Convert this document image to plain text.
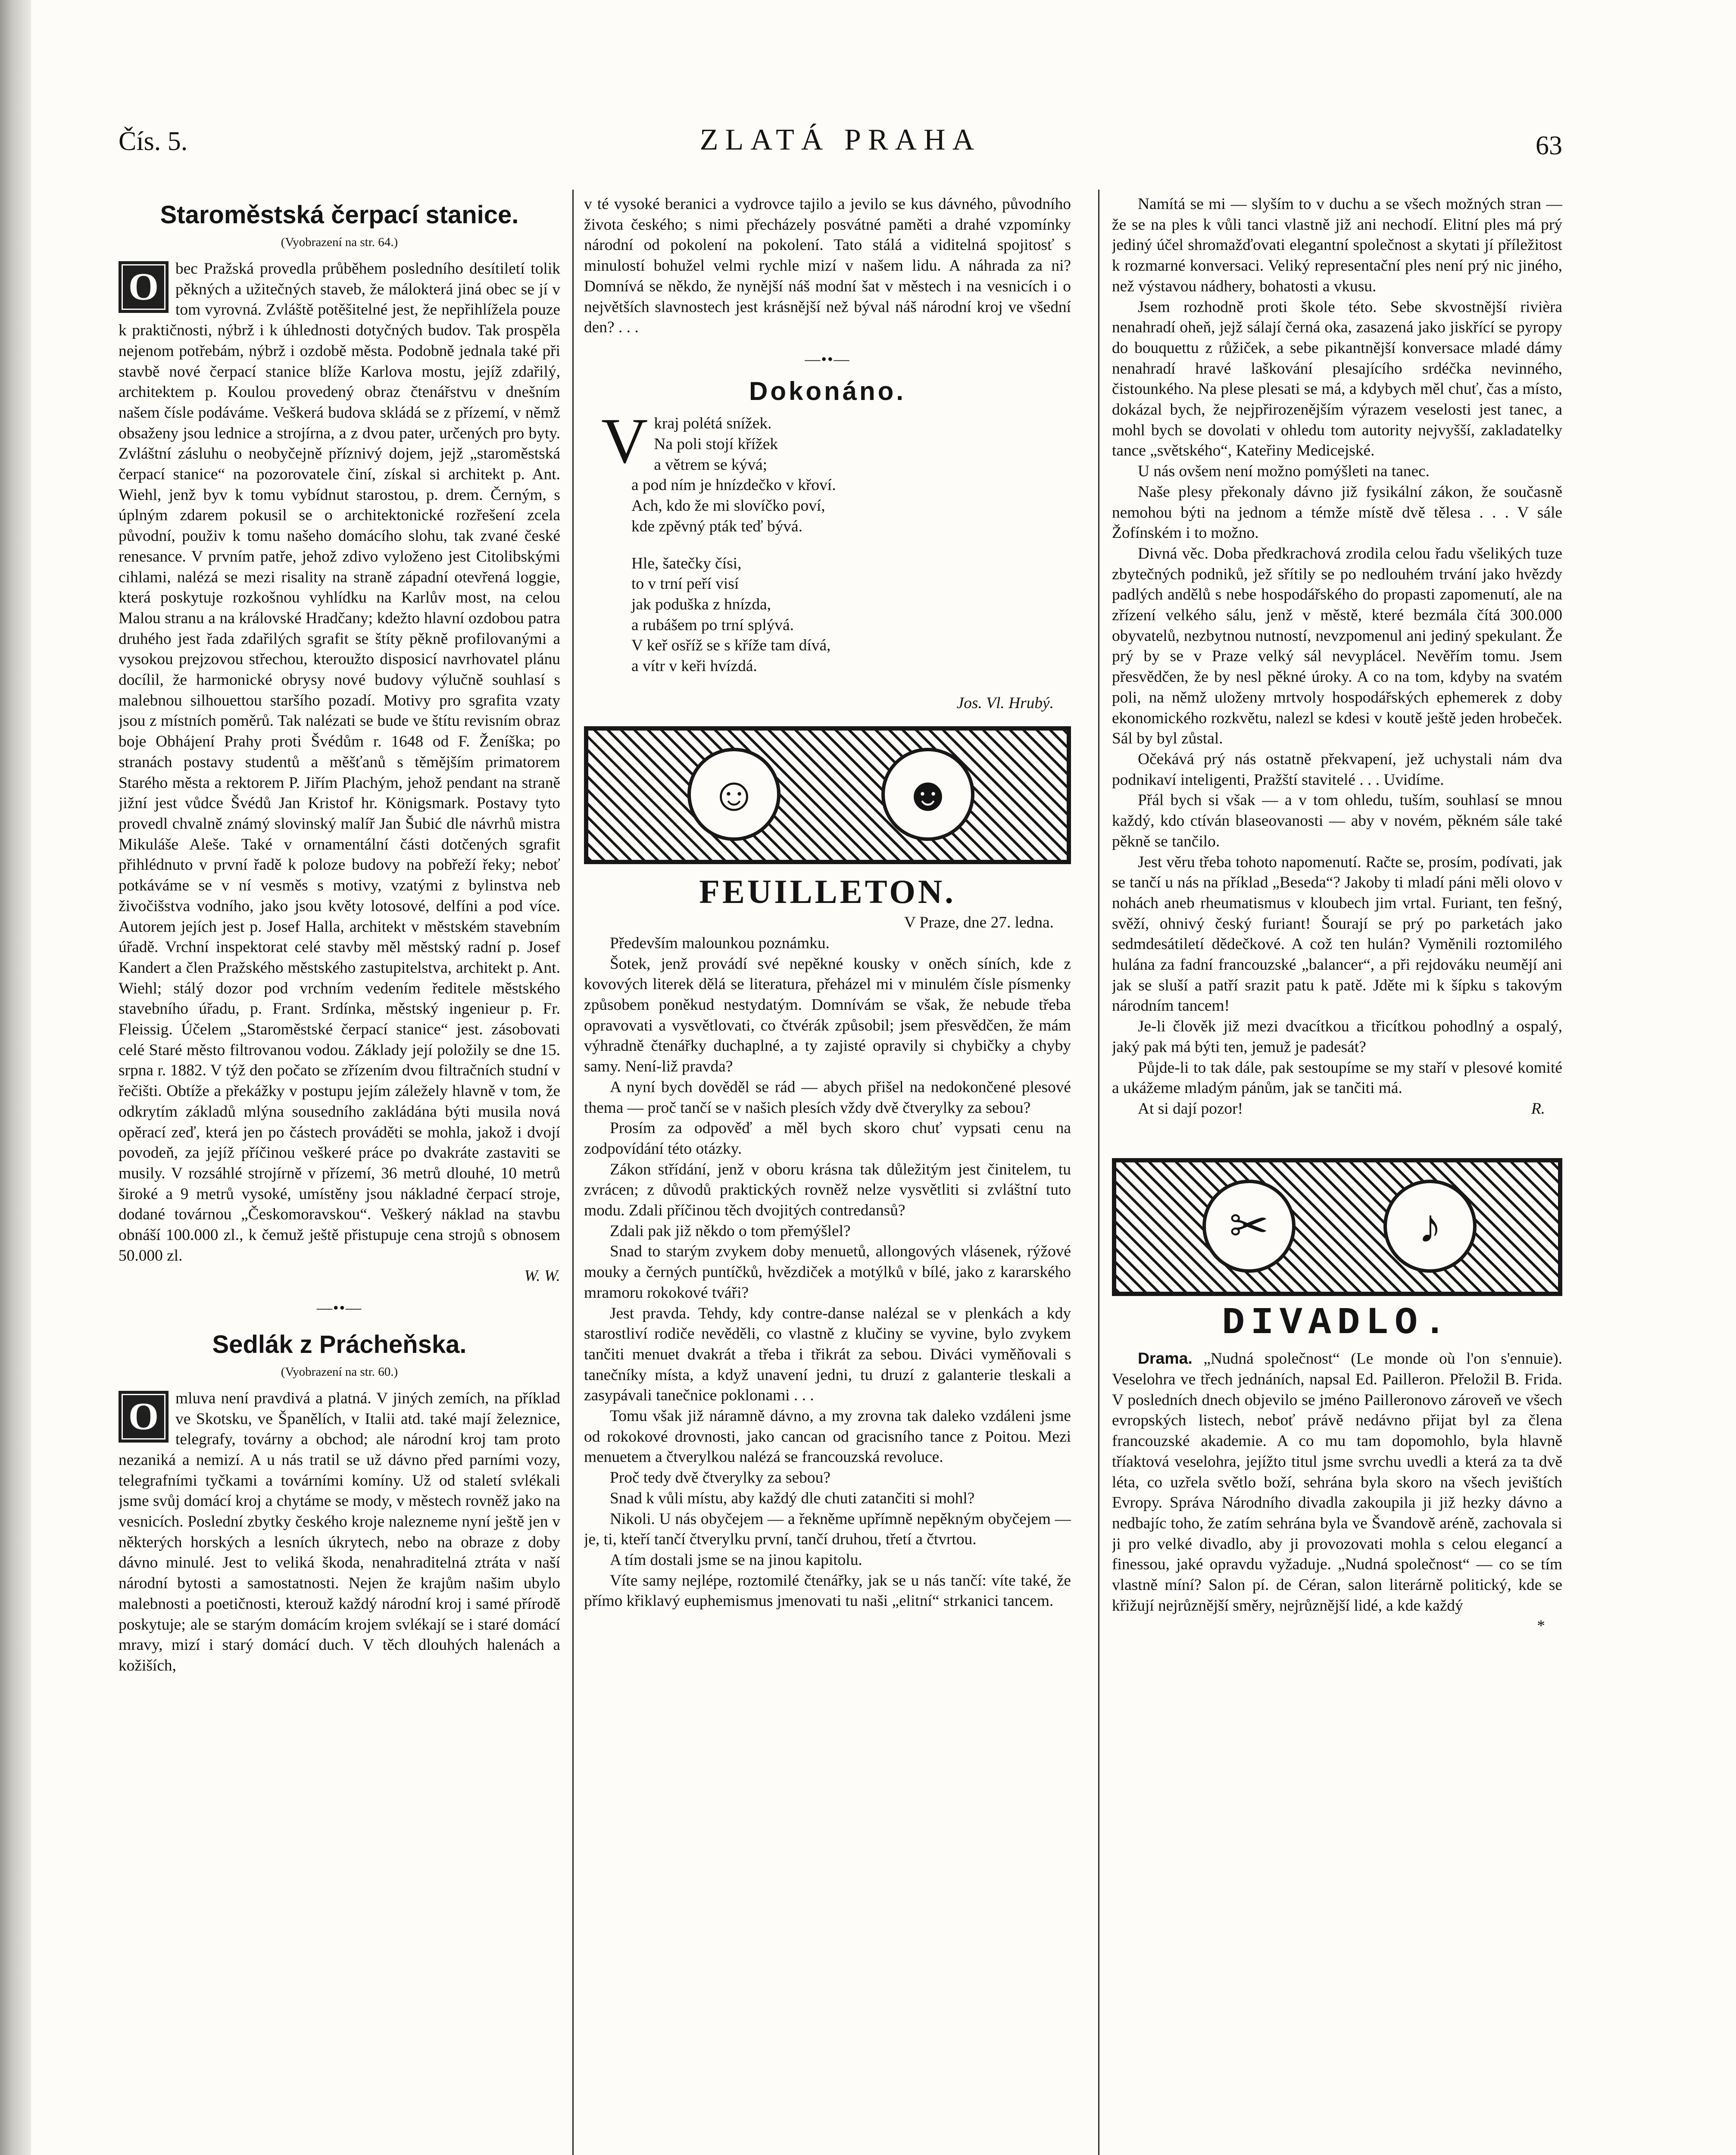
Čís. 5.	ZLATÁ PRAHA	63
Staroměstská čerpací stanice.
(Vyobrazení na str. 64.)

O	bec Pražská provedla průběhem posledního desítiletí tolik pěkných a užitečných staveb, že málokterá jiná obec se jí v tom vyrovná. Zvláště potěšitelné jest, že nepřihlížela pouze k praktičnosti, nýbrž i k úhlednosti dotyčných budov. Tak prospěla nejenom potřebám, nýbrž i ozdobě města. Podobně jednala také při stavbě nové čerpací stanice blíže Karlova mostu, jejíž zdařilý, architektem p. Koulou provedený obraz čtenářstvu v dnešním našem čísle podáváme. Veškerá budova skládá se z přízemí, v němž obsaženy jsou lednice a strojírna, a z dvou pater, určených pro byty. Zvláštní zásluhu o neobyčejně příznivý dojem, jejž „staroměstská čerpací stanice“ na pozorovatele činí, získal si architekt p. Ant. Wiehl, jenž byv k tomu vybídnut starostou, p. drem. Černým, s úplným zdarem pokusil se o architektonické rozřešení zcela původní, použiv k tomu našeho domácího slohu, tak zvané české renesance. V prvním patře, jehož zdivo vyloženo jest Citolibskými cihlami, nalézá se mezi risality na straně západní otevřená loggie, která poskytuje rozkošnou vyhlídku na Karlův most, na celou Malou stranu a na královské Hradčany; kdežto hlavní ozdobou patra druhého jest řada zdařilých sgrafit se štíty pěkně profilovanými a vysokou prejzovou střechou, kteroužto disposicí navrhovatel plánu docílil, že harmonické obrysy nové budovy výlučně souhlasí s malebnou silhouettou staršího pozadí. Motivy pro sgrafita vzaty jsou z místních poměrů. Tak nalézati se bude ve štítu revisním obraz boje Obhájení Prahy proti Švédům r. 1648 od F. Ženíška; po stranách postavy studentů a měšťanů s těmějším primatorem Starého města a rektorem P. Jiřím Plachým, jehož pendant na straně jižní jest vůdce Švédů Jan Kristof hr. Königsmark. Postavy tyto provedl chvalně známý slovinský malíř Jan Šubić dle návrhů mistra Mikuláše Aleše. Také v ornamentální části dotčených sgrafit přihlédnuto v první řadě k poloze budovy na pobřeží řeky; neboť potkáváme se v ní vesměs s motivy, vzatými z bylinstva neb živočišstva vodního, jako jsou květy lotosové, delfíni a pod více. Autorem jejích jest p. Josef Halla, architekt v městském stavebním úřadě. Vrchní inspektorat celé stavby měl městský radní p. Josef Kandert a člen Pražského městského zastupitelstva, architekt p. Ant. Wiehl; stálý dozor pod vrchním vedením ředitele městského stavebního úřadu, p. Frant. Srdínka, městský ingenieur p. Fr. Fleissig. Účelem „Staroměstské čerpací stanice“ jest. zásobovati celé Staré město filtrovanou vodou. Základy její položily se dne 15. srpna r. 1882. V týž den počato se zřízením dvou filtračních studní v řečišti. Obtíže a překážky v postupu jejím záležely hlavně v tom, že odkrytím základů mlýna sousedního zakládána býti musila nová opěrací zeď, která jen po částech prováděti se mohla, jakož i dvojí povodeň, za jejíž příčinou veškeré práce po dvakráte zastaviti se musily. V rozsáhlé strojírně v přízemí, 36 metrů dlouhé, 10 metrů široké a 9 metrů vysoké, umístěny jsou nákladné čerpací stroje, dodané továrnou „Českomoravskou“. Veškerý náklad na stavbu obnáší 100.000 zl., k čemuž ještě přistupuje cena strojů s obnosem 50.000 zl.

W. W.

—••—
Sedlák z Prácheňska.
(Vyobrazení na str. 60.)

O	mluva není pravdivá a platná. V jiných zemích, na příklad ve Skotsku, ve Španělích, v Italii atd. také mají železnice, telegrafy, továrny a obchod; ale národní kroj tam proto nezaniká a nemizí. A u nás tratil se už dávno před parními vozy, telegrafními tyčkami a továrními komíny. Už od staletí svlékali jsme svůj domácí kroj a chytáme se mody, v městech rovněž jako na vesnicích. Poslední zbytky českého kroje nalezneme nyní ještě jen v některých horských a lesních úkrytech, nebo na obraze z doby dávno minulé. Jest to veliká škoda, nenahraditelná ztráta v naší národní bytosti a samostatnosti. Nejen že krajům našim ubylo malebnosti a poetičnosti, kterouž každý národní kroj i samé přírodě poskytuje; ale se starým domácím krojem svlékají se i staré domácí mravy, mizí i starý domácí duch. V těch dlouhých halenách a kožiších,

v té vysoké beranici a vydrovce tajilo a jevilo se kus dávného, původního života českého; s nimi přecházely posvátné paměti a drahé vzpomínky národní od pokolení na pokolení. Tato stálá a viditelná spojitosť s minulostí bohužel velmi rychle mizí v našem lidu. A náhrada za ni? Domnívá se někdo, že nynější náš modní šat v městech i na vesnicích i o největších slavnostech jest krásnější než býval náš národní kroj ve všední den? . . .

—••—
Dokonáno.
V kraj polétá snížek.
Na poli stojí křížek
a větrem se kývá;
a pod ním je hnízdečko v křoví.
Ach, kdo že mi slovíčko poví,
kde zpěvný pták teď bývá.
Hle, šatečky čísi,
to v trní peří visí
jak poduška z hnízda,
a rubášem po trní splývá.
V keř osříž se s kříže tam dívá,
a vítr v keři hvízdá.

Jos. Vl. Hrubý.

☺	☻
FEUILLETON.

V Praze, dne 27. ledna.

Především malounkou poznámku.

Šotek, jenž provádí své nepěkné kousky v oněch síních, kde z kovových literek dělá se literatura, přeházel mi v minulém čísle písmenky způsobem poněkud nestydatým. Domnívám se však, že nebude třeba opravovati a vysvětlovati, co čtvérák způsobil; jsem přesvědčen, že mám výhradně čtenářky duchaplné, a ty zajisté opravily si chybičky a chyby samy. Není-liž pravda?

A nyní bych dověděl se rád — abych přišel na nedokončené plesové thema — proč tančí se v našich plesích vždy dvě čtverylky za sebou?

Prosím za odpověď a měl bych skoro chuť vypsati cenu na zodpovídání této otázky.

Zákon střídání, jenž v oboru krásna tak důležitým jest činitelem, tu zvrácen; z důvodů praktických rovněž nelze vysvětliti si zvláštní tuto modu. Zdali příčinou těch dvojitých contredansů?

Zdali pak již někdo o tom přemýšlel?

Snad to starým zvykem doby menuetů, allongových vlásenek, rýžové mouky a černých puntíčků, hvězdiček a motýlků v bílé, jako z kararského mramoru rokokové tváři?

Jest pravda. Tehdy, kdy contre-danse nalézal se v plenkách a kdy starostliví rodiče nevěděli, co vlastně z klučiny se vyvine, bylo zvykem tančiti menuet dvakrát a třeba i třikrát za sebou. Diváci vyměňovali s tanečníky místa, a když unavení jedni, tu druzí z galanterie tleskali a zasypávali tanečnice poklonami . . .

Tomu však již náramně dávno, a my zrovna tak daleko vzdáleni jsme od rokokové drovnosti, jako cancan od gracisního tance z Poitou. Mezi menuetem a čtverylkou nalézá se francouzská revoluce.

Proč tedy dvě čtverylky za sebou?

Snad k vůli místu, aby každý dle chuti zatančiti si mohl?

Nikoli. U nás obyčejem — a řekněme upřímně nepěkným obyčejem — je, ti, kteří tančí čtverylku první, tančí druhou, třetí a čtvrtou.

A tím dostali jsme se na jinou kapitolu.

Víte samy nejlépe, roztomilé čtenářky, jak se u nás tančí: víte také, že přímo křiklavý euphemismus jmenovati tu naši „elitní“ strkanici tancem.

Namítá se mi — slyším to v duchu a se všech možných stran — že se na ples k vůli tanci vlastně již ani nechodí. Elitní ples má prý jediný účel shromažďovati elegantní společnost a skytati jí příležitost k rozmarné konversaci. Veliký representační ples není prý nic jiného, než výstavou nádhery, bohatosti a vkusu.

Jsem rozhodně proti škole této. Sebe skvostnější rivièra nenahradí oheň, jejž sálají černá oka, zasazená jako jiskřící se pyropy do bouquettu z růžiček, a sebe pikantnější konversace mladé dámy nenahradí hravé laškování plesajícího srdéčka nevinného, čistounkého. Na plese plesati se má, a kdybych měl chuť, čas a místo, dokázal bych, že nejpřirozenějším výrazem veselosti jest tanec, a mohl bych se dovolati v ohledu tom autority nejvyšší, zakladatelky tance „světského“, Kateřiny Medicejské.

U nás ovšem není možno pomýšleti na tanec.

Naše plesy překonaly dávno již fysikální zákon, že současně nemohou býti na jednom a témže místě dvě tělesa . . . V sále Žofínském i to možno.

Divná věc. Doba předkrachová zrodila celou řadu všelikých tuze zbytečných podniků, jež sřítily se po nedlouhém trvání jako hvězdy padlých andělů s nebe hospodářského do propasti zapomenutí, ale na zřízení velkého sálu, jenž v městě, které bezmála čítá 300.000 obyvatelů, nezbytnou nutností, nevzpomenul ani jediný spekulant. Že prý by se v Praze velký sál nevyplácel. Nevěřím tomu. Jsem přesvědčen, že by nesl pěkné úroky. A co na tom, kdyby na svatém poli, na němž uloženy mrtvoly hospodářských ephemerek z doby ekonomického rozkvětu, nalezl se kdesi v koutě ještě jeden hrobeček. Sál by byl zůstal.

Očekává prý nás ostatně překvapení, jež uchystali nám dva podnikaví inteligenti, Pražští stavitelé . . . Uvidíme.

Přál bych si však — a v tom ohledu, tuším, souhlasí se mnou každý, kdo ctíván blaseovanosti — aby v novém, pěkném sále také pěkně se tančilo.

Jest věru třeba tohoto napomenutí. Račte se, prosím, podívati, jak se tančí u nás na příklad „Beseda“? Jakoby ti mladí páni měli olovo v nohách aneb rheumatismus v kloubech jim vrtal. Furiant, ten fešný, svěží, ohnivý český furiant! Šourají se prý po parketách jako sedmdesátiletí dědečkové. A což ten hulán? Vyměnili roztomilého hulána za fadní francouzské „balancer“, a při rejdováku neumějí ani jak se sluší a patří srazit patu k patě. Jděte mi k šípku s takovým národním tancem!

Je-li člověk již mezi dvacítkou a třicítkou pohodlný a ospalý, jaký pak má býti ten, jemuž je padesát?

Půjde-li to tak dále, pak sestoupíme se my staří v plesové komité a ukážeme mladým pánům, jak se tančiti má.

At si dají pozor!	R.

✂	♪
DIVADLO.

Drama. „Nudná společnost“ (Le monde où l'on s'ennuie). Veselohra ve třech jednáních, napsal Ed. Pailleron. Přeložil B. Frida. V posledních dnech objevilo se jméno Pailleronovo zároveň ve všech evropských listech, neboť právě nedávno přijat byl za člena francouzské akademie. A co mu tam dopomohlo, byla hlavně tříaktová veselohra, jejížto titul jsme svrchu uvedli a která za ta dvě léta, co uzřela světlo boží, sehrána byla skoro na všech jevištích Evropy. Správa Národního divadla zakoupila ji již hezky dávno a nedbajíc toho, že zatím sehrána byla ve Švandově aréně, zachovala si ji pro velké divadlo, aby ji provozovati mohla s celou elegancí a finessou, jaké opravdu vyžaduje. „Nudná společnost“ — co se tím vlastně míní? Salon pí. de Céran, salon literárně politický, kde se křižují nejrůznější směry, nejrůznější lidé, a kde každý

*
